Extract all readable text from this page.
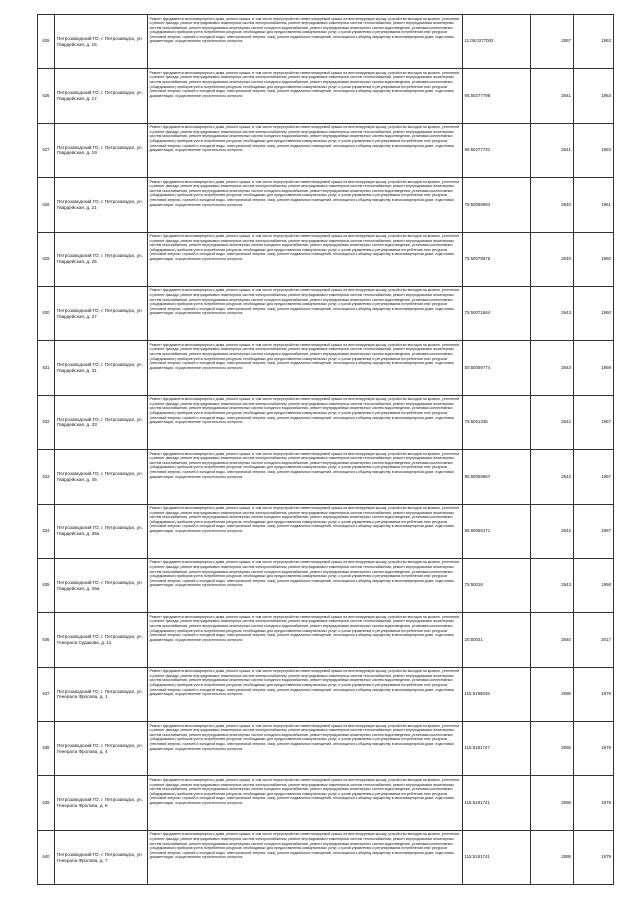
625	Петрозаводский ГО, г. Петрозаводск, ул. Гвардейская, д. 15	Ремонт фундамента многоквартирного дома, ремонт крыши, в том числе переустройство невентилируемой крыши на вентилируемую крышу, устройство выходов на кровлю, утепление и ремонт фасада, ремонт внутридомовых инженерных систем электроснабжения, ремонт внутридомовых инженерных систем теплоснабжения, ремонт внутридомовых инженерных систем газоснабжения, ремонт внутридомовых инженерных систем холодного водоснабжения, ремонт внутридомовых инженерных систем водоотведения, установка коллективных (общедомовых) приборов учета потребления ресурсов, необходимых для предоставления коммунальных услуг, и узлов управления и регулирования потребления этих ресурсов (тепловой энергии, горячей и холодной воды, электрической энергии, газа), ремонт подвальных помещений, относящихся к общему имуществу в многоквартирном доме, подготовка документации, осуществление строительного контроля	11:05:0277002	2597	1963
626	Петрозаводский ГО, г. Петрозаводск, ул. Гвардейская, д. 17	Ремонт фундамента многоквартирного дома, ремонт крыши, в том числе переустройство невентилируемой крыши на вентилируемую крышу, устройство выходов на кровлю, утепление и ремонт фасада, ремонт внутридомовых инженерных систем электроснабжения, ремонт внутридомовых инженерных систем теплоснабжения, ремонт внутридомовых инженерных систем газоснабжения, ремонт внутридомовых инженерных систем холодного водоснабжения, ремонт внутридомовых инженерных систем водоотведения, установка коллективных (общедомовых) приборов учета потребления ресурсов, необходимых для предоставления коммунальных услуг, и узлов управления и регулирования потребления этих ресурсов (тепловой энергии, горячей и холодной воды, электрической энергии, газа), ремонт подвальных помещений, относящихся к общему имуществу в многоквартирном доме, подготовка документации, осуществление строительного контроля	95:50277798	2641	1963
627	Петрозаводский ГО, г. Петрозаводск, ул. Гвардейская, д. 19	Ремонт фундамента многоквартирного дома, ремонт крыши, в том числе переустройство невентилируемой крыши на вентилируемую крышу, устройство выходов на кровлю, утепление и ремонт фасада, ремонт внутридомовых инженерных систем электроснабжения, ремонт внутридомовых инженерных систем теплоснабжения, ремонт внутридомовых инженерных систем газоснабжения, ремонт внутридомовых инженерных систем холодного водоснабжения, ремонт внутридомовых инженерных систем водоотведения, установка коллективных (общедомовых) приборов учета потребления ресурсов, необходимых для предоставления коммунальных услуг, и узлов управления и регулирования потребления этих ресурсов (тепловой энергии, горячей и холодной воды, электрической энергии, газа), ремонт подвальных помещений, относящихся к общему имуществу в многоквартирном доме, подготовка документации, осуществление строительного контроля	95:50277731	2641	1963
628	Петрозаводский ГО, г. Петрозаводск, ул. Гвардейская, д. 21	Ремонт фундамента многоквартирного дома, ремонт крыши, в том числе переустройство невентилируемой крыши на вентилируемую крышу, устройство выходов на кровлю, утепление и ремонт фасада, ремонт внутридомовых инженерных систем электроснабжения, ремонт внутридомовых инженерных систем теплоснабжения, ремонт внутридомовых инженерных систем газоснабжения, ремонт внутридомовых инженерных систем холодного водоснабжения, ремонт внутридомовых инженерных систем водоотведения, установка коллективных (общедомовых) приборов учета потребления ресурсов, необходимых для предоставления коммунальных услуг, и узлов управления и регулирования потребления этих ресурсов (тепловой энергии, горячей и холодной воды, электрической энергии, газа), ремонт подвальных помещений, относящихся к общему имуществу в многоквартирном доме, подготовка документации, осуществление строительного контроля	75:50089994	2640	1961
629	Петрозаводский ГО, г. Петрозаводск, ул. Гвардейская, д. 25	Ремонт фундамента многоквартирного дома, ремонт крыши, в том числе переустройство невентилируемой крыши на вентилируемую крышу, устройство выходов на кровлю, утепление и ремонт фасада, ремонт внутридомовых инженерных систем электроснабжения, ремонт внутридомовых инженерных систем теплоснабжения, ремонт внутридомовых инженерных систем газоснабжения, ремонт внутридомовых инженерных систем холодного водоснабжения, ремонт внутридомовых инженерных систем водоотведения, установка коллективных (общедомовых) приборов учета потребления ресурсов, необходимых для предоставления коммунальных услуг, и узлов управления и регулирования потребления этих ресурсов (тепловой энергии, горячей и холодной воды, электрической энергии, газа), ремонт подвальных помещений, относящихся к общему имуществу в многоквартирном доме, подготовка документации, осуществление строительного контроля	75:50079675	2645	1960
630	Петрозаводский ГО, г. Петрозаводск, ул. Гвардейская, д. 27	Ремонт фундамента многоквартирного дома, ремонт крыши, в том числе переустройство невентилируемой крыши на вентилируемую крышу, устройство выходов на кровлю, утепление и ремонт фасада, ремонт внутридомовых инженерных систем электроснабжения, ремонт внутридомовых инженерных систем теплоснабжения, ремонт внутридомовых инженерных систем газоснабжения, ремонт внутридомовых инженерных систем холодного водоснабжения, ремонт внутридомовых инженерных систем водоотведения, установка коллективных (общедомовых) приборов учета потребления ресурсов, необходимых для предоставления коммунальных услуг, и узлов управления и регулирования потребления этих ресурсов (тепловой энергии, горячей и холодной воды, электрической энергии, газа), ремонт подвальных помещений, относящихся к общему имуществу в многоквартирном доме, подготовка документации, осуществление строительного контроля	75:50071664	2643	1960
631	Петрозаводский ГО, г. Петрозаводск, ул. Гвардейская, д. 31	Ремонт фундамента многоквартирного дома, ремонт крыши, в том числе переустройство невентилируемой крыши на вентилируемую крышу, устройство выходов на кровлю, утепление и ремонт фасада, ремонт внутридомовых инженерных систем электроснабжения, ремонт внутридомовых инженерных систем теплоснабжения, ремонт внутридомовых инженерных систем газоснабжения, ремонт внутридомовых инженерных систем холодного водоснабжения, ремонт внутридомовых инженерных систем водоотведения, установка коллективных (общедомовых) приборов учета потребления ресурсов, необходимых для предоставления коммунальных услуг, и узлов управления и регулирования потребления этих ресурсов (тепловой энергии, горячей и холодной воды, электрической энергии, газа), ремонт подвальных помещений, относящихся к общему имуществу в многоквартирном доме, подготовка документации, осуществление строительного контроля	50:50059774	2643	1959
632	Петрозаводский ГО, г. Петрозаводск, ул. Гвардейская, д. 33	Ремонт фундамента многоквартирного дома, ремонт крыши, в том числе переустройство невентилируемой крыши на вентилируемую крышу, устройство выходов на кровлю, утепление и ремонт фасада, ремонт внутридомовых инженерных систем электроснабжения, ремонт внутридомовых инженерных систем теплоснабжения, ремонт внутридомовых инженерных систем газоснабжения, ремонт внутридомовых инженерных систем холодного водоснабжения, ремонт внутридомовых инженерных систем водоотведения, установка коллективных (общедомовых) приборов учета потребления ресурсов, необходимых для предоставления коммунальных услуг, и узлов управления и регулирования потребления этих ресурсов (тепловой энергии, горячей и холодной воды, электрической энергии, газа), ремонт подвальных помещений, относящихся к общему имуществу в многоквартирном доме, подготовка документации, осуществление строительного контроля	75:5051336	2642	1957
633	Петрозаводский ГО, г. Петрозаводск, ул. Гвардейская, д. 45	Ремонт фундамента многоквартирного дома, ремонт крыши, в том числе переустройство невентилируемой крыши на вентилируемую крышу, устройство выходов на кровлю, утепление и ремонт фасада, ремонт внутридомовых инженерных систем электроснабжения, ремонт внутридомовых инженерных систем теплоснабжения, ремонт внутридомовых инженерных систем газоснабжения, ремонт внутридомовых инженерных систем холодного водоснабжения, ремонт внутридомовых инженерных систем водоотведения, установка коллективных (общедомовых) приборов учета потребления ресурсов, необходимых для предоставления коммунальных услуг, и узлов управления и регулирования потребления этих ресурсов (тепловой энергии, горячей и холодной воды, электрической энергии, газа), ремонт подвальных помещений, относящихся к общему имуществу в многоквартирном доме, подготовка документации, осуществление строительного контроля	95:50059567	2542	1957
634	Петрозаводский ГО, г. Петрозаводск, ул. Гвардейская, д. 45а	Ремонт фундамента многоквартирного дома, ремонт крыши, в том числе переустройство невентилируемой крыши на вентилируемую крышу, устройство выходов на кровлю, утепление и ремонт фасада, ремонт внутридомовых инженерных систем электроснабжения, ремонт внутридомовых инженерных систем теплоснабжения, ремонт внутридомовых инженерных систем газоснабжения, ремонт внутридомовых инженерных систем холодного водоснабжения, ремонт внутридомовых инженерных систем водоотведения, установка коллективных (общедомовых) приборов учета потребления ресурсов, необходимых для предоставления коммунальных услуг, и узлов управления и регулирования потребления этих ресурсов (тепловой энергии, горячей и холодной воды, электрической энергии, газа), ремонт подвальных помещений, относящихся к общему имуществу в многоквартирном доме, подготовка документации, осуществление строительного контроля	95:50059171	2542	1957
635	Петрозаводский ГО, г. Петрозаводск, ул. Гвардейская, д. 49а	Ремонт фундамента многоквартирного дома, ремонт крыши, в том числе переустройство невентилируемой крыши на вентилируемую крышу, устройство выходов на кровлю, утепление и ремонт фасада, ремонт внутридомовых инженерных систем электроснабжения, ремонт внутридомовых инженерных систем теплоснабжения, ремонт внутридомовых инженерных систем газоснабжения, ремонт внутридомовых инженерных систем холодного водоснабжения, ремонт внутридомовых инженерных систем водоотведения, установка коллективных (общедомовых) приборов учета потребления ресурсов, необходимых для предоставления коммунальных услуг, и узлов управления и регулирования потребления этих ресурсов (тепловой энергии, горячей и холодной воды, электрической энергии, газа), ремонт подвальных помещений, относящихся к общему имуществу в многоквартирном доме, подготовка документации, осуществление строительного контроля	75:50018	2543	1958
636	Петрозаводский ГО, г. Петрозаводск, ул. Генерала Судакова, д. 11	Ремонт фундамента многоквартирного дома, ремонт крыши, в том числе переустройство невентилируемой крыши на вентилируемую крышу, устройство выходов на кровлю, утепление и ремонт фасада, ремонт внутридомовых инженерных систем электроснабжения, ремонт внутридомовых инженерных систем теплоснабжения, ремонт внутридомовых инженерных систем газоснабжения, ремонт внутридомовых инженерных систем холодного водоснабжения, ремонт внутридомовых инженерных систем водоотведения, установка коллективных (общедомовых) приборов учета потребления ресурсов, необходимых для предоставления коммунальных услуг, и узлов управления и регулирования потребления этих ресурсов (тепловой энергии, горячей и холодной воды, электрической энергии, газа), ремонт подвальных помещений, относящихся к общему имуществу в многоквартирном доме, подготовка документации, осуществление строительного контроля	20:50021	2640	2017
637	Петрозаводский ГО, г. Петрозаводск, ул. Генерала Фролова, д. 1	Ремонт фундамента многоквартирного дома, ремонт крыши, в том числе переустройство невентилируемой крыши на вентилируемую крышу, устройство выходов на кровлю, утепление и ремонт фасада, ремонт внутридомовых инженерных систем электроснабжения, ремонт внутридомовых инженерных систем теплоснабжения, ремонт внутридомовых инженерных систем газоснабжения, ремонт внутридомовых инженерных систем холодного водоснабжения, ремонт внутридомовых инженерных систем водоотведения, установка коллективных (общедомовых) приборов учета потребления ресурсов, необходимых для предоставления коммунальных услуг, и узлов управления и регулирования потребления этих ресурсов (тепловой энергии, горячей и холодной воды, электрической энергии, газа), ремонт подвальных помещений, относящихся к общему имуществу в многоквартирном доме, подготовка документации, осуществление строительного контроля	115:5199045	2595	1979
638	Петрозаводский ГО, г. Петрозаводск, ул. Генерала Фролова, д. 4	Ремонт фундамента многоквартирного дома, ремонт крыши, в том числе переустройство невентилируемой крыши на вентилируемую крышу, устройство выходов на кровлю, утепление и ремонт фасада, ремонт внутридомовых инженерных систем электроснабжения, ремонт внутридомовых инженерных систем теплоснабжения, ремонт внутридомовых инженерных систем газоснабжения, ремонт внутридомовых инженерных систем холодного водоснабжения, ремонт внутридомовых инженерных систем водоотведения, установка коллективных (общедомовых) приборов учета потребления ресурсов, необходимых для предоставления коммунальных услуг, и узлов управления и регулирования потребления этих ресурсов (тепловой энергии, горячей и холодной воды, электрической энергии, газа), ремонт подвальных помещений, относящихся к общему имуществу в многоквартирном доме, подготовка документации, осуществление строительного контроля	115:5181747	2595	1979
639	Петрозаводский ГО, г. Петрозаводск, ул. Генерала Фролова, д. 6	Ремонт фундамента многоквартирного дома, ремонт крыши, в том числе переустройство невентилируемой крыши на вентилируемую крышу, устройство выходов на кровлю, утепление и ремонт фасада, ремонт внутридомовых инженерных систем электроснабжения, ремонт внутридомовых инженерных систем теплоснабжения, ремонт внутридомовых инженерных систем газоснабжения, ремонт внутридомовых инженерных систем холодного водоснабжения, ремонт внутридомовых инженерных систем водоотведения, установка коллективных (общедомовых) приборов учета потребления ресурсов, необходимых для предоставления коммунальных услуг, и узлов управления и регулирования потребления этих ресурсов (тепловой энергии, горячей и холодной воды, электрической энергии, газа), ремонт подвальных помещений, относящихся к общему имуществу в многоквартирном доме, подготовка документации, осуществление строительного контроля	115:5181741	2595	1979
640	Петрозаводский ГО, г. Петрозаводск, ул. Генерала Фролова, д. 7	Ремонт фундамента многоквартирного дома, ремонт крыши, в том числе переустройство невентилируемой крыши на вентилируемую крышу, устройство выходов на кровлю, утепление и ремонт фасада, ремонт внутридомовых инженерных систем электроснабжения, ремонт внутридомовых инженерных систем теплоснабжения, ремонт внутридомовых инженерных систем газоснабжения, ремонт внутридомовых инженерных систем холодного водоснабжения, ремонт внутридомовых инженерных систем водоотведения, установка коллективных (общедомовых) приборов учета потребления ресурсов, необходимых для предоставления коммунальных услуг, и узлов управления и регулирования потребления этих ресурсов (тепловой энергии, горячей и холодной воды, электрической энергии, газа), ремонт подвальных помещений, относящихся к общему имуществу в многоквартирном доме, подготовка документации, осуществление строительного контроля	115:5181741	2595	1979
